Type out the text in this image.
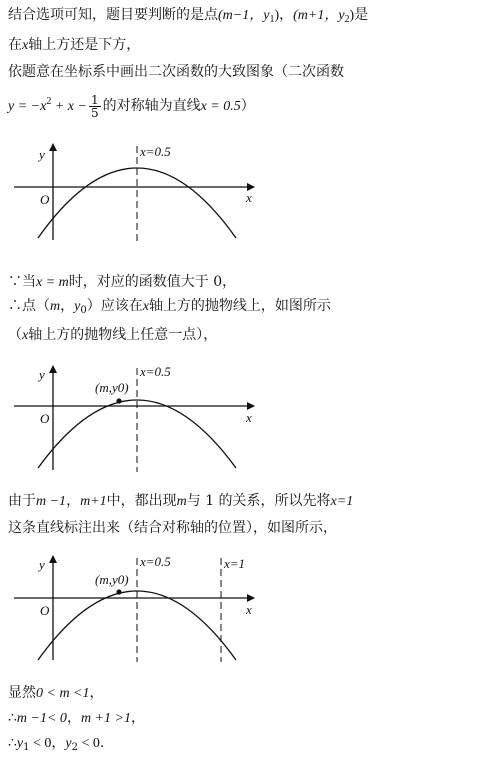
结合选项可知，题目要判断的是点(m−1，$y_1$)，(m+1，$y_2$)是
在x轴上方还是下方，
依题意在坐标系中画出二次函数的大致图象（二次函数
$y = -x^2 + x - \frac{1}{5}$ 的对称轴为直线x = 0.5）
y
x
O
x=0.5
∵当x = m时，对应的函数值大于 0，
∴点（m，$y_0$）应该在x轴上方的抛物线上，如图所示
（x轴上方的抛物线上任意一点），
y
x
O
x=0.5
(m,y0)
由于m −1，m+1中，都出现m与 1 的关系，所以先将x=1
这条直线标注出来（结合对称轴的位置），如图所示，
y
x
O
x=0.5	x=1
(m,y0)
显然0 < m <1，
∴m −1< 0，m +1 >1，
$\therefore y_1 < 0$，$y_2 < 0$.
